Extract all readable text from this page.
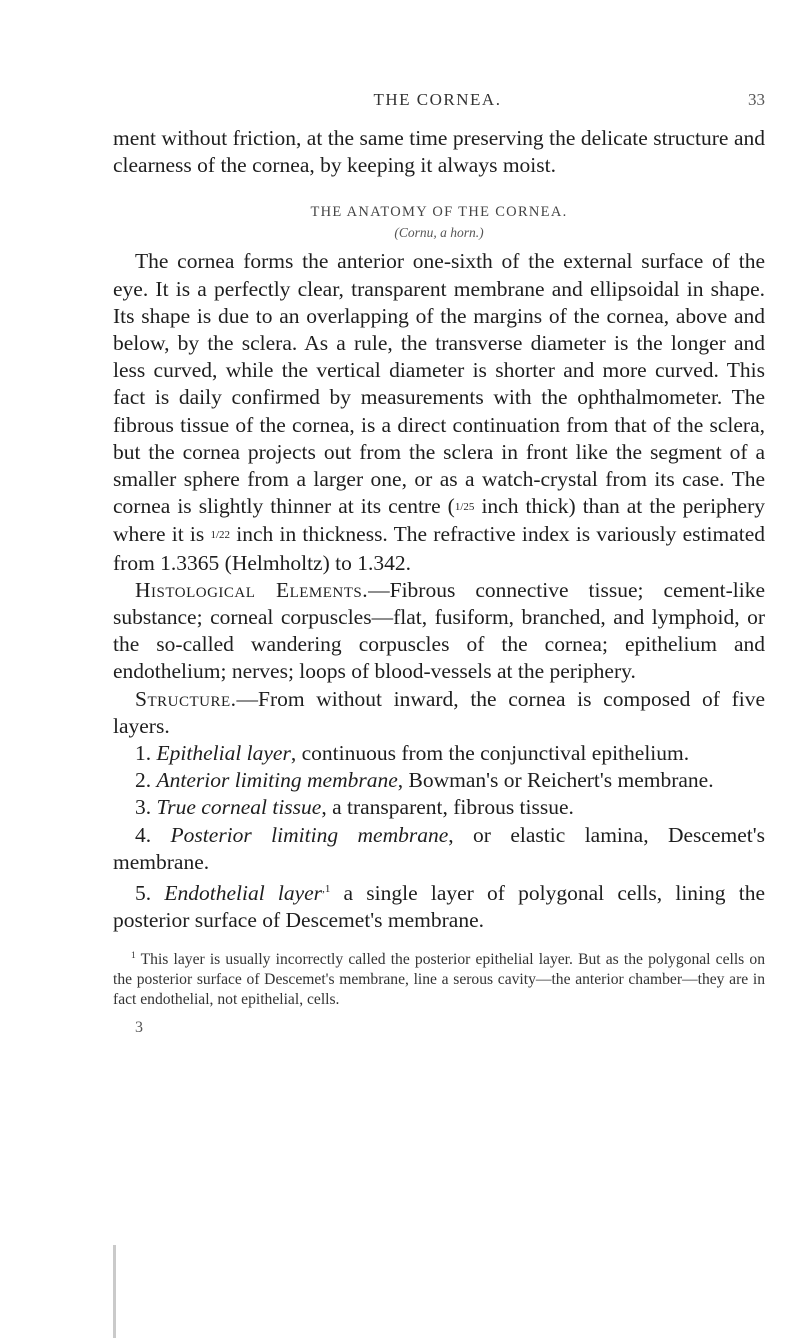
THE CORNEA.	33

ment without friction, at the same time preserving the delicate structure and clearness of the cornea, by keeping it always moist.

THE ANATOMY OF THE CORNEA.

(Cornu, a horn.)

The cornea forms the anterior one-sixth of the external surface of the eye. It is a perfectly clear, transparent membrane and ellipsoidal in shape. Its shape is due to an overlapping of the margins of the cornea, above and below, by the sclera. As a rule, the transverse diameter is the longer and less curved, while the vertical diameter is shorter and more curved. This fact is daily confirmed by measurements with the ophthalmometer. The fibrous tissue of the cornea, is a direct continuation from that of the sclera, but the cornea projects out from the sclera in front like the segment of a smaller sphere from a larger one, or as a watch-crystal from its case. The cornea is slightly thinner at its centre (1/25 inch thick) than at the periphery where it is 1/22 inch in thickness. The refractive index is variously estimated from 1.3365 (Helmholtz) to 1.342.

Histological Elements.—Fibrous connective tissue; cement-like substance; corneal corpuscles—flat, fusiform, branched, and lymphoid, or the so-called wandering corpuscles of the cornea; epithelium and endothelium; nerves; loops of blood-vessels at the periphery.

Structure.—From without inward, the cornea is composed of five layers.

1. Epithelial layer, continuous from the conjunctival epithelium.

2. Anterior limiting membrane, Bowman's or Reichert's membrane.

3. True corneal tissue, a transparent, fibrous tissue.

4. Posterior limiting membrane, or elastic lamina, Descemet's membrane.

5. Endothelial layer$^{,1}$ a single layer of polygonal cells, lining the posterior surface of Descemet's membrane.

$^1$ This layer is usually incorrectly called the posterior epithelial layer. But as the polygonal cells on the posterior surface of Descemet's membrane, line a serous cavity—the anterior chamber—they are in fact endothelial, not epithelial, cells.

3
